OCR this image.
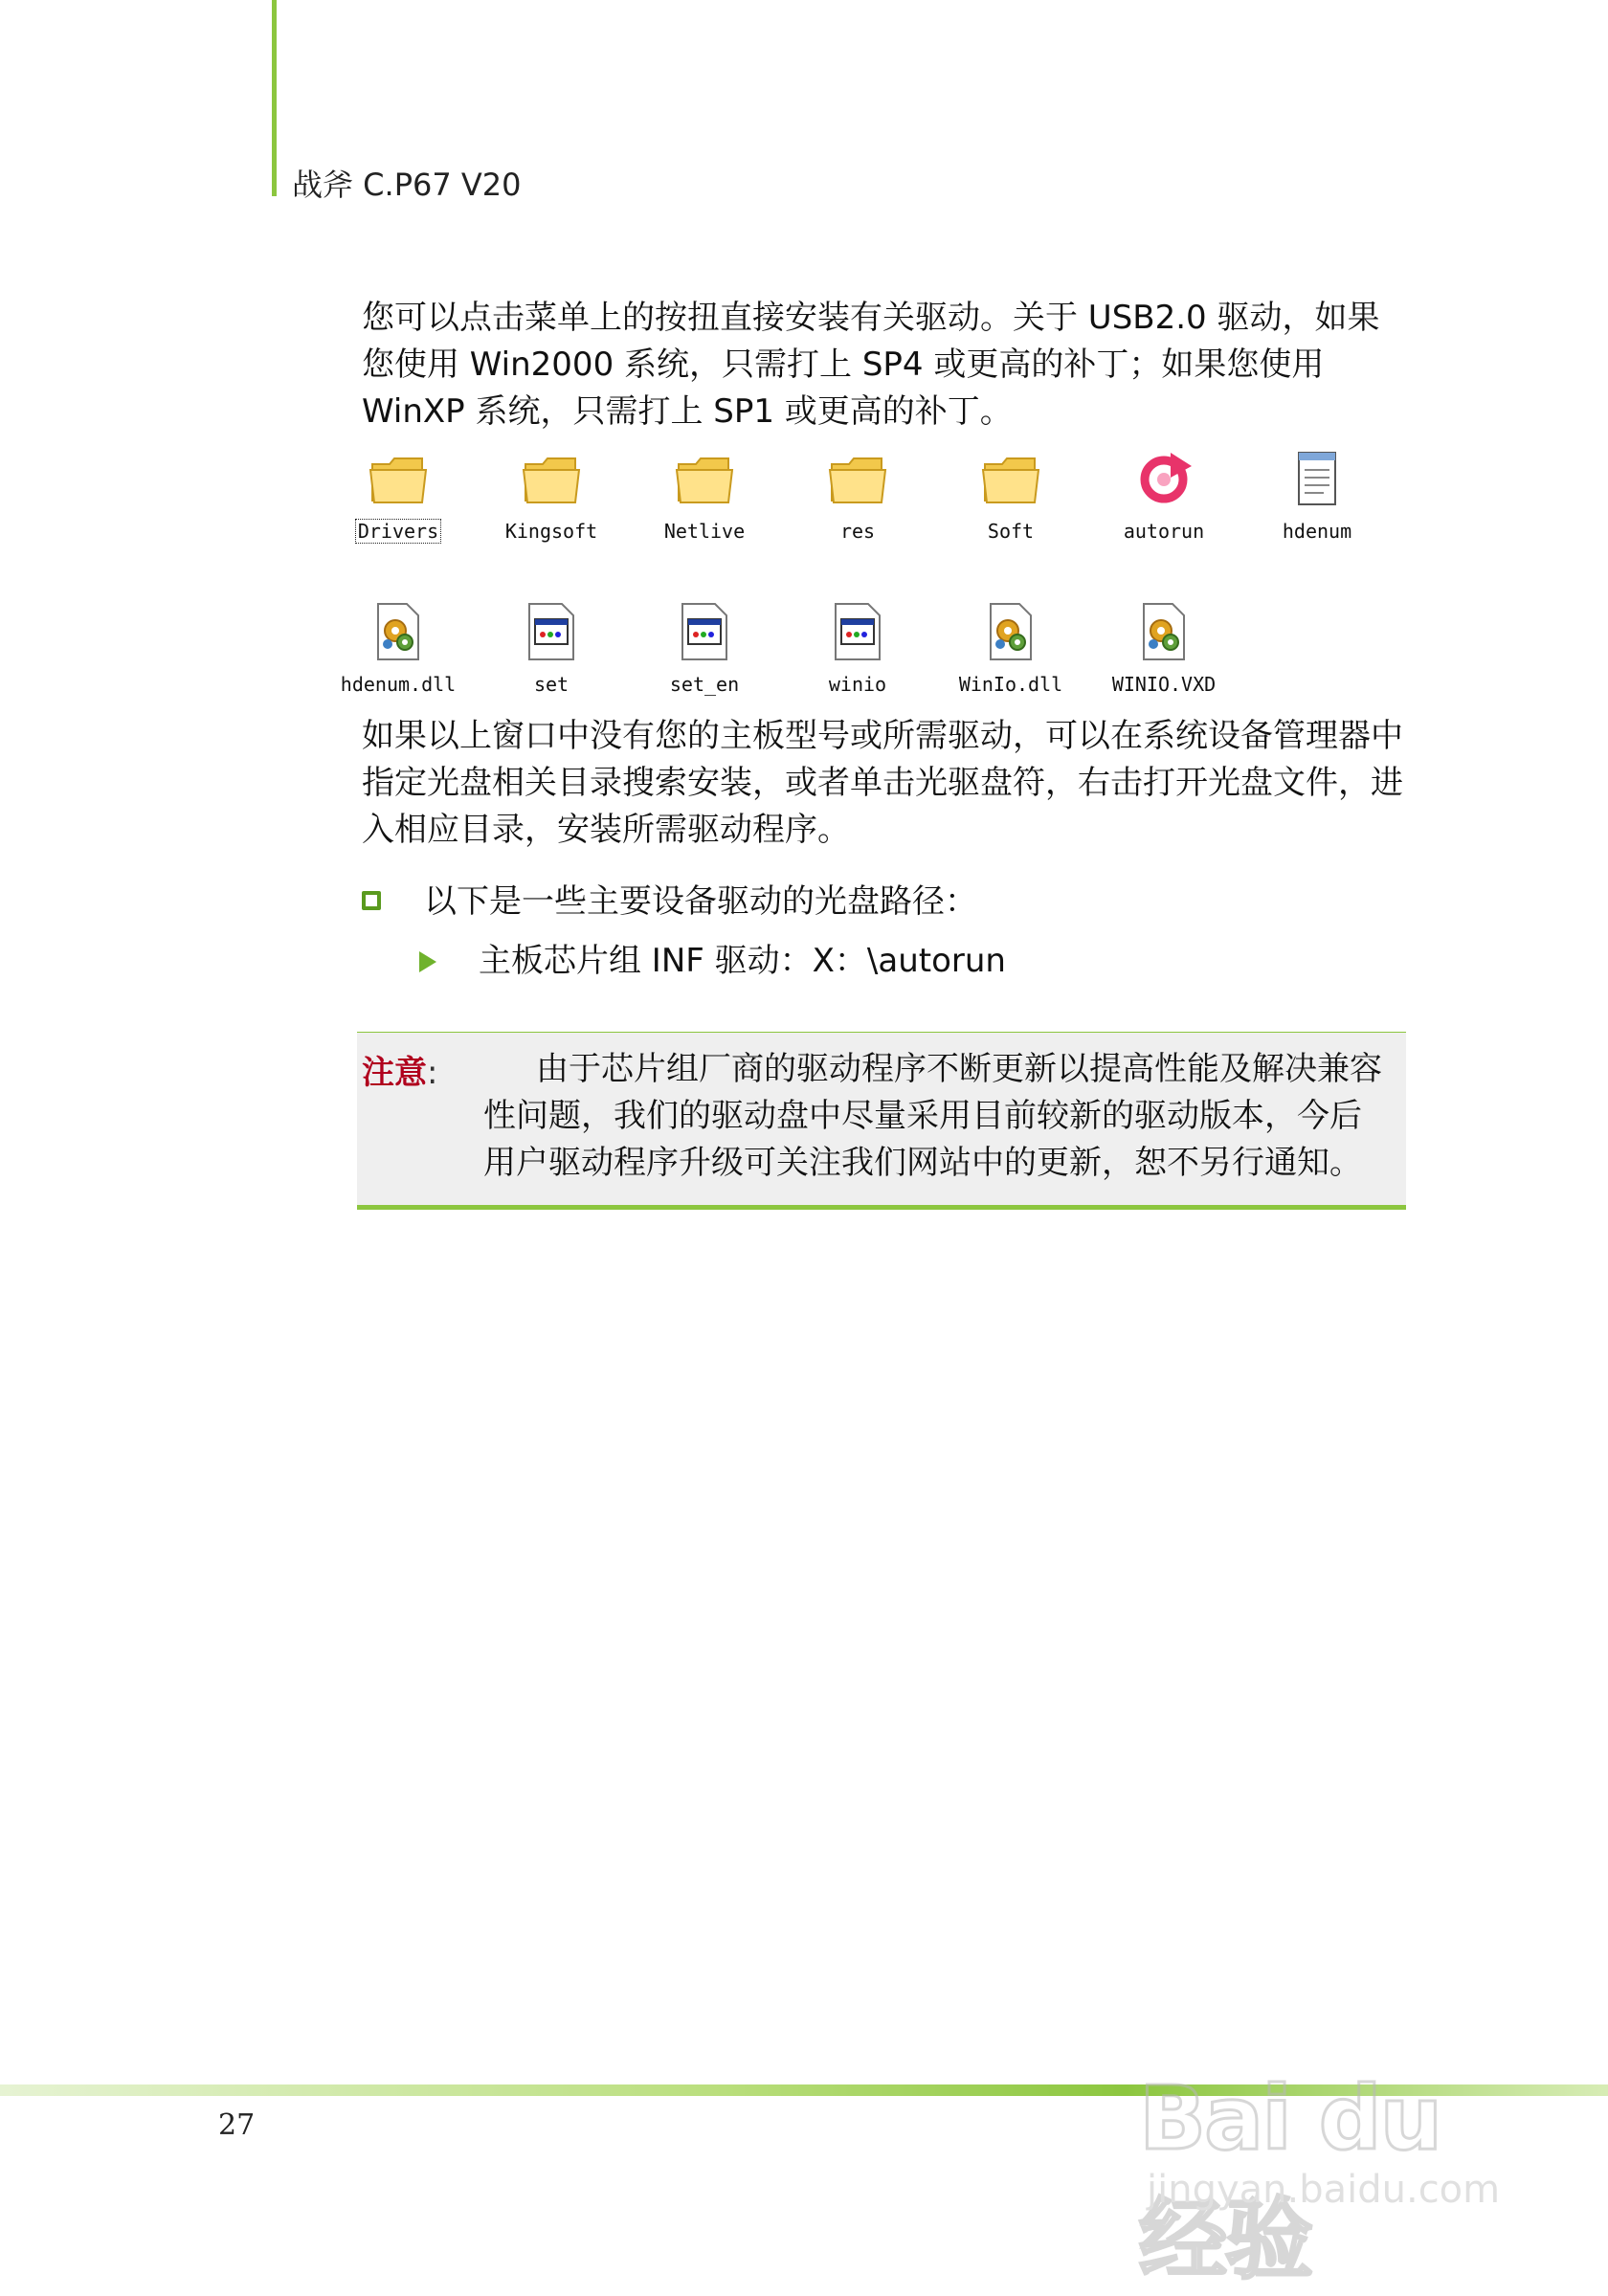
战斧 C.P67 V20

您可以点击菜单上的按扭直接安装有关驱动。关于 USB2.0 驱动，如果您使用 Win2000 系统，只需打上 SP4 或更高的补丁；如果您使用 WinXP 系统，只需打上 SP1 或更高的补丁。

Drivers	Kingsoft	Netlive	res	Soft	autorun	hdenum
hdenum.dll	set	set_en	winio	WinIo.dll	WINIO.VXD

如果以上窗口中没有您的主板型号或所需驱动，可以在系统设备管理器中指定光盘相关目录搜索安装，或者单击光驱盘符，右击打开光盘文件，进入相应目录，安装所需驱动程序。

以下是一些主要设备驱动的光盘路径：
主板芯片组 INF 驱动：X：\autorun
注意:	由于芯片组厂商的驱动程序不断更新以提高性能及解决兼容性问题，我们的驱动盘中尽量采用目前较新的驱动版本，今后用户驱动程序升级可关注我们网站中的更新，恕不另行通知。

27	Bai du 经验
jingyan.baidu.com
